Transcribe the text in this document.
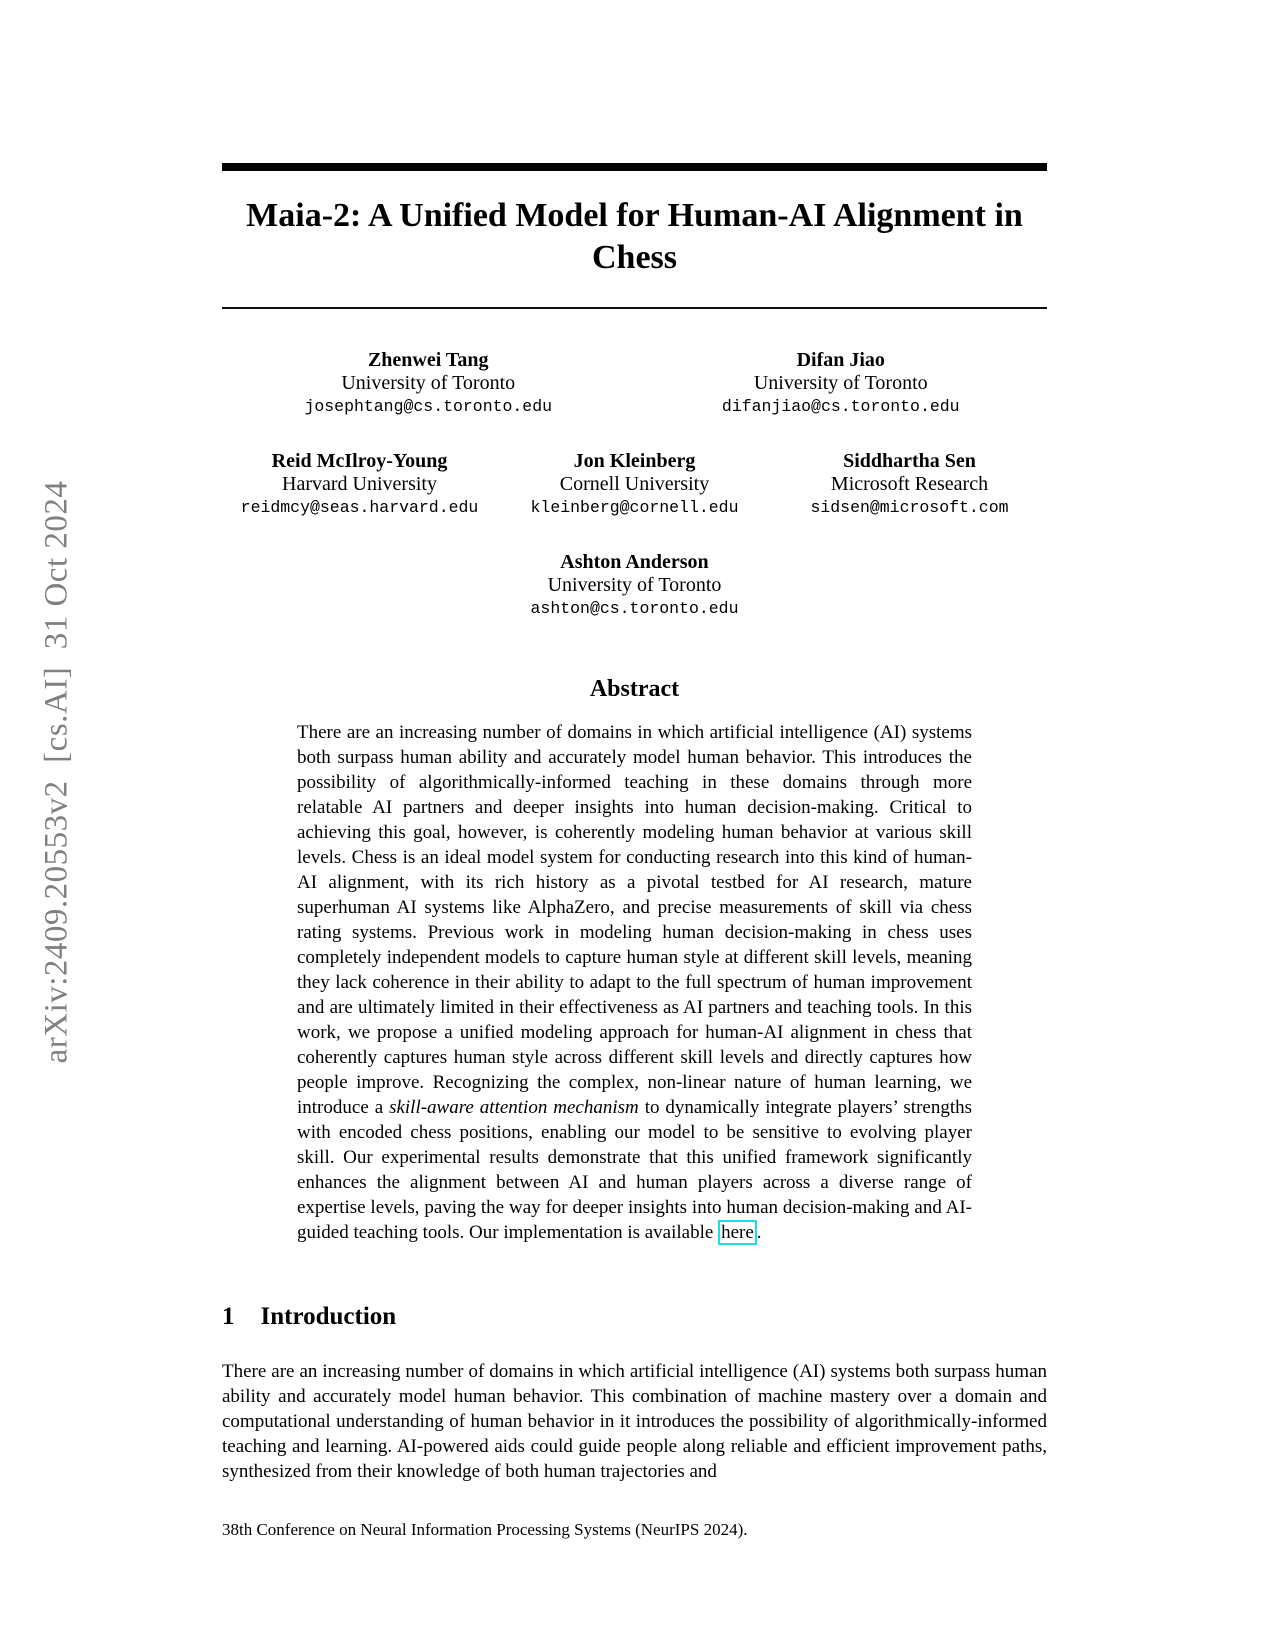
arXiv:2409.20553v2  [cs.AI]  31 Oct 2024
Maia-2: A Unified Model for Human-AI Alignment in Chess
Zhenwei Tang
University of Toronto
josephtang@cs.toronto.edu
Difan Jiao
University of Toronto
difanjiao@cs.toronto.edu
Reid McIlroy-Young
Harvard University
reidmcy@seas.harvard.edu
Jon Kleinberg
Cornell University
kleinberg@cornell.edu
Siddhartha Sen
Microsoft Research
sidsen@microsoft.com
Ashton Anderson
University of Toronto
ashton@cs.toronto.edu
Abstract

There are an increasing number of domains in which artificial intelligence (AI) systems both surpass human ability and accurately model human behavior. This introduces the possibility of algorithmically-informed teaching in these domains through more relatable AI partners and deeper insights into human decision-making. Critical to achieving this goal, however, is coherently modeling human behavior at various skill levels. Chess is an ideal model system for conducting research into this kind of human-AI alignment, with its rich history as a pivotal testbed for AI research, mature superhuman AI systems like AlphaZero, and precise measurements of skill via chess rating systems. Previous work in modeling human decision-making in chess uses completely independent models to capture human style at different skill levels, meaning they lack coherence in their ability to adapt to the full spectrum of human improvement and are ultimately limited in their effectiveness as AI partners and teaching tools. In this work, we propose a unified modeling approach for human-AI alignment in chess that coherently captures human style across different skill levels and directly captures how people improve. Recognizing the complex, non-linear nature of human learning, we introduce a skill-aware attention mechanism to dynamically integrate players’ strengths with encoded chess positions, enabling our model to be sensitive to evolving player skill. Our experimental results demonstrate that this unified framework significantly enhances the alignment between AI and human players across a diverse range of expertise levels, paving the way for deeper insights into human decision-making and AI-guided teaching tools. Our implementation is available here .

1 Introduction

There are an increasing number of domains in which artificial intelligence (AI) systems both surpass human ability and accurately model human behavior. This combination of machine mastery over a domain and computational understanding of human behavior in it introduces the possibility of algorithmically-informed teaching and learning. AI-powered aids could guide people along reliable and efficient improvement paths, synthesized from their knowledge of both human trajectories and

38th Conference on Neural Information Processing Systems (NeurIPS 2024).
